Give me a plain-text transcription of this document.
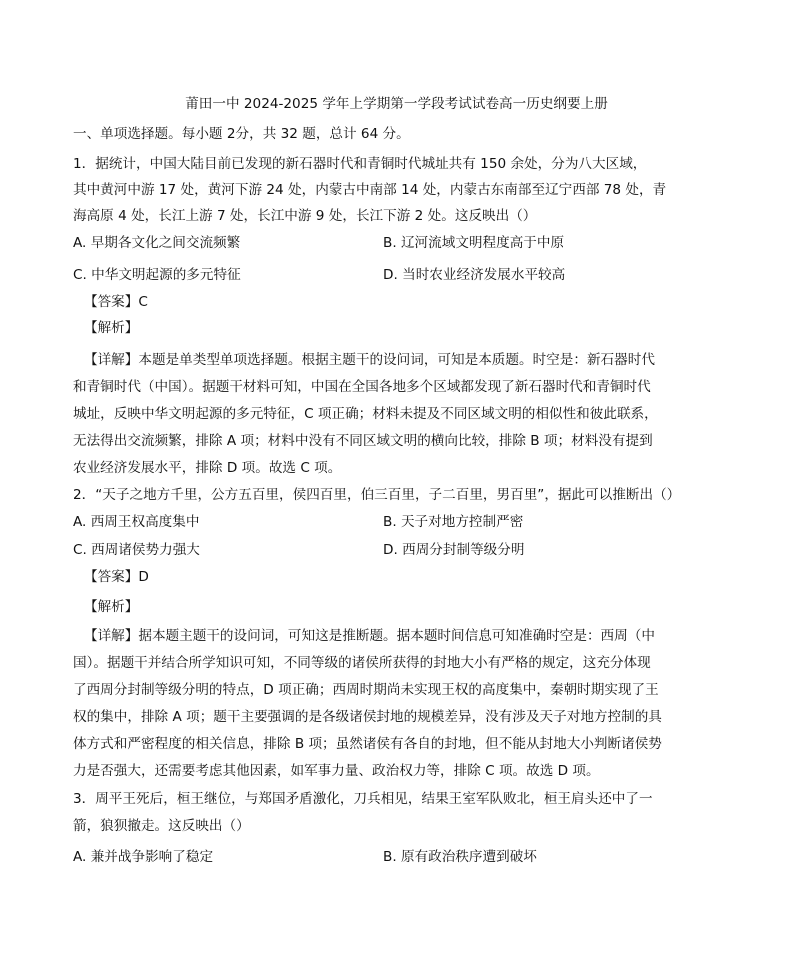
莆田一中 2024-2025 学年上学期第一学段考试试卷高一历史纲要上册
一、单项选择题。每小题 2分，共 32 题，总计 64 分。
1．据统计，中国大陆目前已发现的新石器时代和青铜时代城址共有 150 余处，分为八大区域，
其中黄河中游 17 处，黄河下游 24 处，内蒙古中南部 14 处，内蒙古东南部至辽宁西部 78 处，青
海高原 4 处，长江上游 7 处，长江中游 9 处，长江下游 2 处。这反映出（）
A. 早期各文化之间交流频繁	B. 辽河流域文明程度高于中原
C. 中华文明起源的多元特征	D. 当时农业经济发展水平较高
【答案】C
【解析】
【详解】本题是单类型单项选择题。根据主题干的设问词，可知是本质题。时空是：新石器时代
和青铜时代（中国）。据题干材料可知，中国在全国各地多个区域都发现了新石器时代和青铜时代
城址，反映中华文明起源的多元特征，C 项正确；材料未提及不同区域文明的相似性和彼此联系，
无法得出交流频繁，排除 A 项；材料中没有不同区域文明的横向比较，排除 B 项；材料没有提到
农业经济发展水平，排除 D 项。故选 C 项。
2．“天子之地方千里，公方五百里，侯四百里，伯三百里，子二百里，男百里”，据此可以推断出（）
A. 西周王权高度集中	B. 天子对地方控制严密
C. 西周诸侯势力强大	D. 西周分封制等级分明
【答案】D
【解析】
【详解】据本题主题干的设问词，可知这是推断题。据本题时间信息可知准确时空是：西周（中
国）。据题干并结合所学知识可知，不同等级的诸侯所获得的封地大小有严格的规定，这充分体现
了西周分封制等级分明的特点，D 项正确；西周时期尚未实现王权的高度集中，秦朝时期实现了王
权的集中，排除 A 项；题干主要强调的是各级诸侯封地的规模差异，没有涉及天子对地方控制的具
体方式和严密程度的相关信息，排除 B 项；虽然诸侯有各自的封地，但不能从封地大小判断诸侯势
力是否强大，还需要考虑其他因素，如军事力量、政治权力等，排除 C 项。故选 D 项。
3．周平王死后，桓王继位，与郑国矛盾激化，刀兵相见，结果王室军队败北，桓王肩头还中了一
箭，狼狈撤走。这反映出（）
A. 兼并战争影响了稳定	B. 原有政治秩序遭到破坏
